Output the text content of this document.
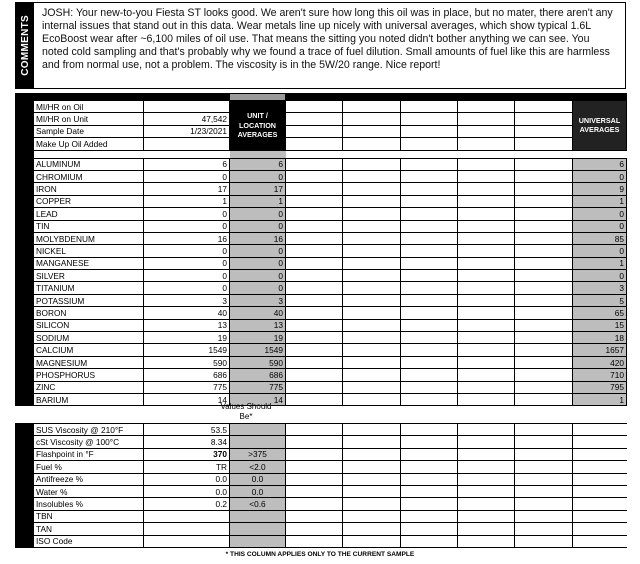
COMMENTS
JOSH: Your new-to-you Fiesta ST looks good. We aren't sure how long this oil was in place, but no mater, there aren't any internal issues that stand out in this data. Wear metals line up nicely with universal averages, which show typical 1.6L EcoBoost wear after ~6,100 miles of oil use. That means the sitting you noted didn't bother anything we can see. You noted cold sampling and that's probably why we found a trace of fuel dilution. Small amounts of fuel like this are harmless and from normal use, not a problem. The viscosity is in the 5W/20 range. Nice report!

	MI/HR on Oil		UNIT / LOCATION AVERAGES						UNIVERSAL AVERAGES
	MI/HR on Unit	47,542							
	Sample Date	1/23/2021							
	Make Up Oil Added								

ELEMENTS IN PARTS PER MILLION	ALUMINUM	6	6						6
	CHROMIUM	0	0						0
	IRON	17	17						9
	COPPER	1	1						1
	LEAD	0	0						0
	TIN	0	0						0
	MOLYBDENUM	16	16						85
	NICKEL	0	0						0
	MANGANESE	0	0						1
	SILVER	0	0						0
	TITANIUM	0	0						3
	POTASSIUM	3	3						5
	BORON	40	40						65
	SILICON	13	13						15
	SODIUM	19	19						18
	CALCIUM	1549	1549						1657
	MAGNESIUM	590	590						420
	PHOSPHORUS	686	686						710
	ZINC	775	775						795
	BARIUM	14	14						1
Values Should Be*
PROPERTIES	SUS Viscosity @ 210°F	53.5							
	cSt Viscosity @ 100°C	8.34							
	Flashpoint in °F	370	>375						
	Fuel %	TR	<2.0						
	Antifreeze %	0.0	0.0						
	Water %	0.0	0.0						
	Insolubles %	0.2	<0.6						
	TBN								
	TAN								
	ISO Code								
* THIS COLUMN APPLIES ONLY TO THE CURRENT SAMPLE
